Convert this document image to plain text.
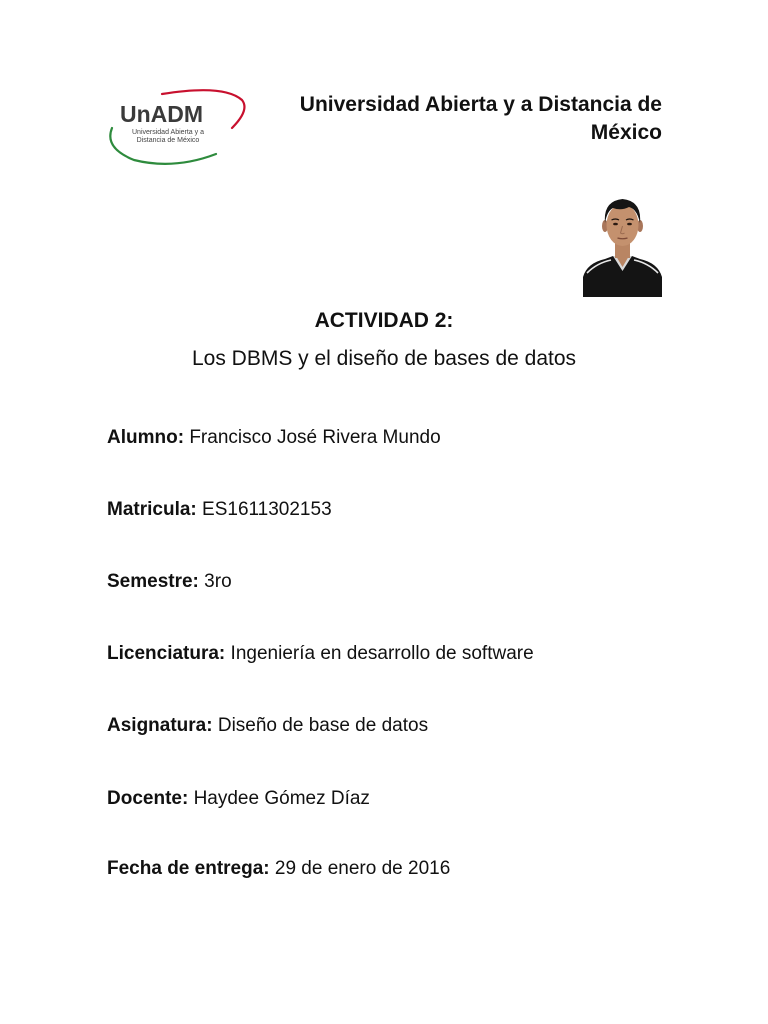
UnADM
Universidad Abierta y a
Distancia de México
Universidad Abierta y a Distancia de
México
ACTIVIDAD 2:
Los DBMS y el diseño de bases de datos

Alumno: Francisco José Rivera Mundo

Matricula: ES1611302153

Semestre: 3ro

Licenciatura: Ingeniería en desarrollo de software

Asignatura: Diseño de base de datos

Docente: Haydee Gómez Díaz

Fecha de entrega: 29 de enero de 2016
